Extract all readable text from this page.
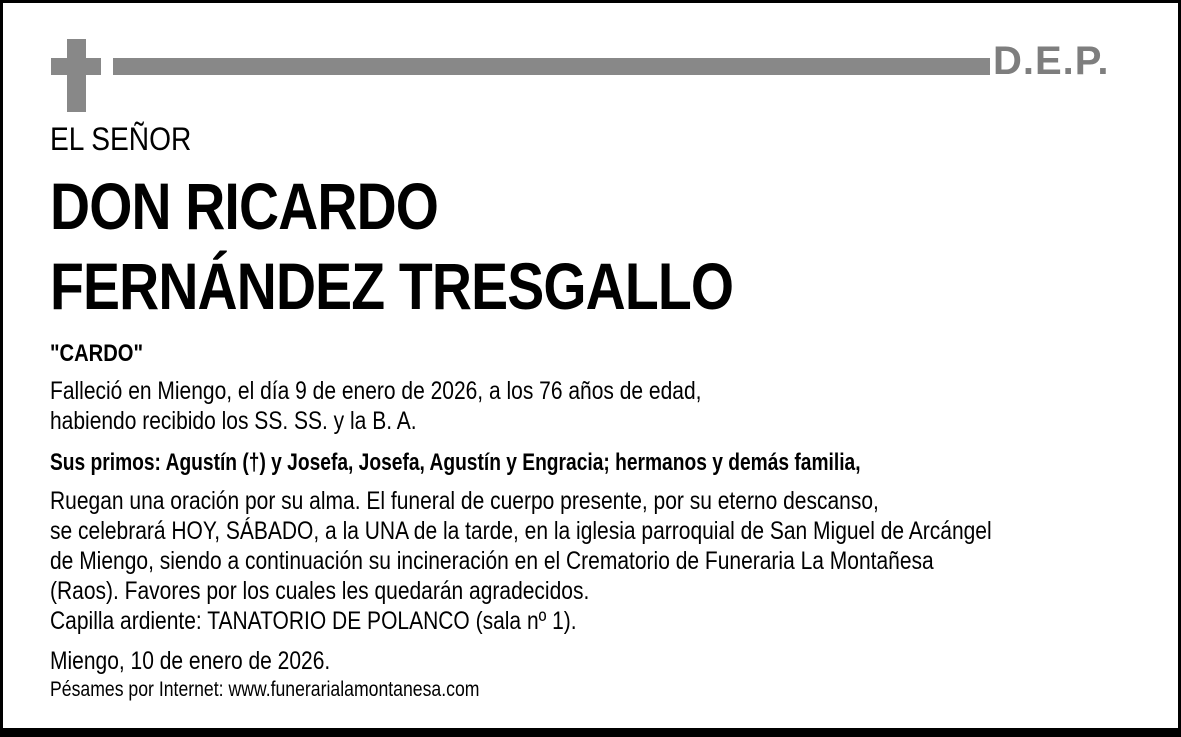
D.E.P.
EL SEÑOR
DON RICARDO
FERNÁNDEZ TRESGALLO
"CARDO"
Falleció en Miengo, el día 9 de enero de 2026, a los 76 años de edad,
habiendo recibido los SS. SS. y la B. A.
Sus primos: Agustín (†) y Josefa, Josefa, Agustín y Engracia; hermanos y demás familia,
Ruegan una oración por su alma. El funeral de cuerpo presente, por su eterno descanso,
se celebrará HOY, SÁBADO, a la UNA de la tarde, en la iglesia parroquial de San Miguel de Arcángel
de Miengo, siendo a continuación su incineración en el Crematorio de Funeraria La Montañesa
(Raos). Favores por los cuales les quedarán agradecidos.
Capilla ardiente: TANATORIO DE POLANCO (sala nº 1).
Miengo, 10 de enero de 2026.
Pésames por Internet: www.funerarialamontanesa.com
